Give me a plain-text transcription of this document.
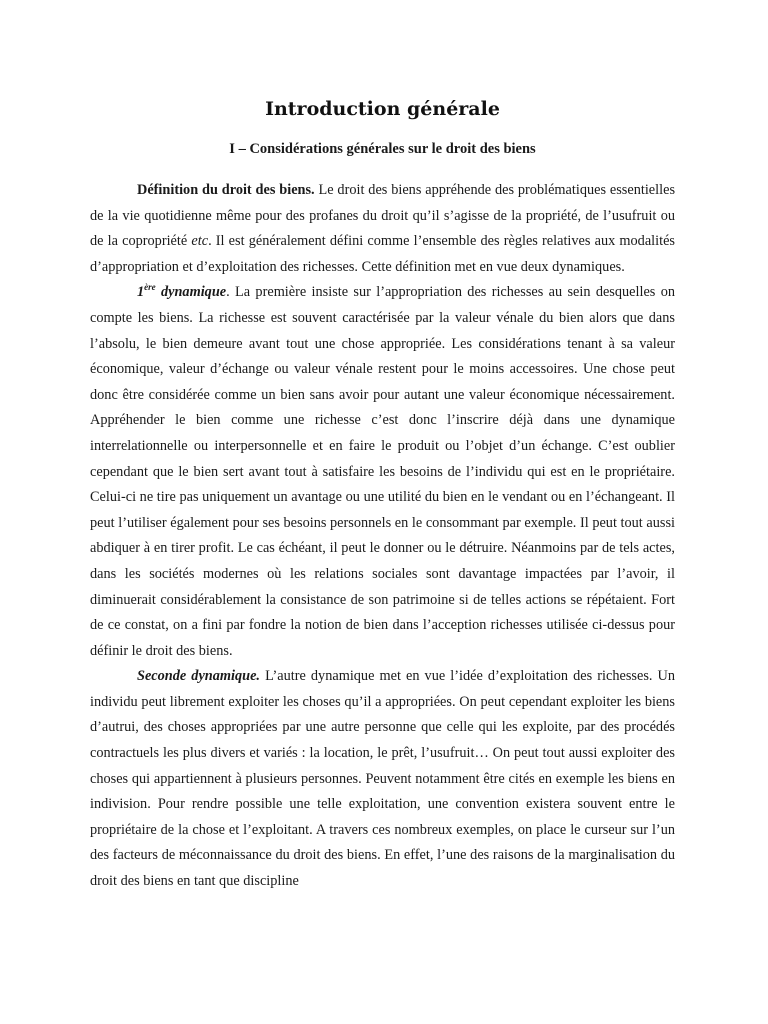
Introduction générale
I – Considérations générales sur le droit des biens

Définition du droit des biens. Le droit des biens appréhende des problématiques essentielles de la vie quotidienne même pour des profanes du droit qu’il s’agisse de la propriété, de l’usufruit ou de la copropriété etc. Il est généralement défini comme l’ensemble des règles relatives aux modalités d’appropriation et d’exploitation des richesses. Cette définition met en vue deux dynamiques.

1ère dynamique. La première insiste sur l’appropriation des richesses au sein desquelles on compte les biens. La richesse est souvent caractérisée par la valeur vénale du bien alors que dans l’absolu, le bien demeure avant tout une chose appropriée. Les considérations tenant à sa valeur économique, valeur d’échange ou valeur vénale restent pour le moins accessoires. Une chose peut donc être considérée comme un bien sans avoir pour autant une valeur économique nécessairement. Appréhender le bien comme une richesse c’est donc l’inscrire déjà dans une dynamique interrelationnelle ou interpersonnelle et en faire le produit ou l’objet d’un échange. C’est oublier cependant que le bien sert avant tout à satisfaire les besoins de l’individu qui est en le propriétaire. Celui-ci ne tire pas uniquement un avantage ou une utilité du bien en le vendant ou en l’échangeant. Il peut l’utiliser également pour ses besoins personnels en le consommant par exemple. Il peut tout aussi abdiquer à en tirer profit. Le cas échéant, il peut le donner ou le détruire. Néanmoins par de tels actes, dans les sociétés modernes où les relations sociales sont davantage impactées par l’avoir, il diminuerait considérablement la consistance de son patrimoine si de telles actions se répétaient. Fort de ce constat, on a fini par fondre la notion de bien dans l’acception richesses utilisée ci-dessus pour définir le droit des biens.

Seconde dynamique. L’autre dynamique met en vue l’idée d’exploitation des richesses. Un individu peut librement exploiter les choses qu’il a appropriées. On peut cependant exploiter les biens d’autrui, des choses appropriées par une autre personne que celle qui les exploite, par des procédés contractuels les plus divers et variés : la location, le prêt, l’usufruit… On peut tout aussi exploiter des choses qui appartiennent à plusieurs personnes. Peuvent notamment être cités en exemple les biens en indivision. Pour rendre possible une telle exploitation, une convention existera souvent entre le propriétaire de la chose et l’exploitant. A travers ces nombreux exemples, on place le curseur sur l’un des facteurs de méconnaissance du droit des biens. En effet, l’une des raisons de la marginalisation du droit des biens en tant que discipline
